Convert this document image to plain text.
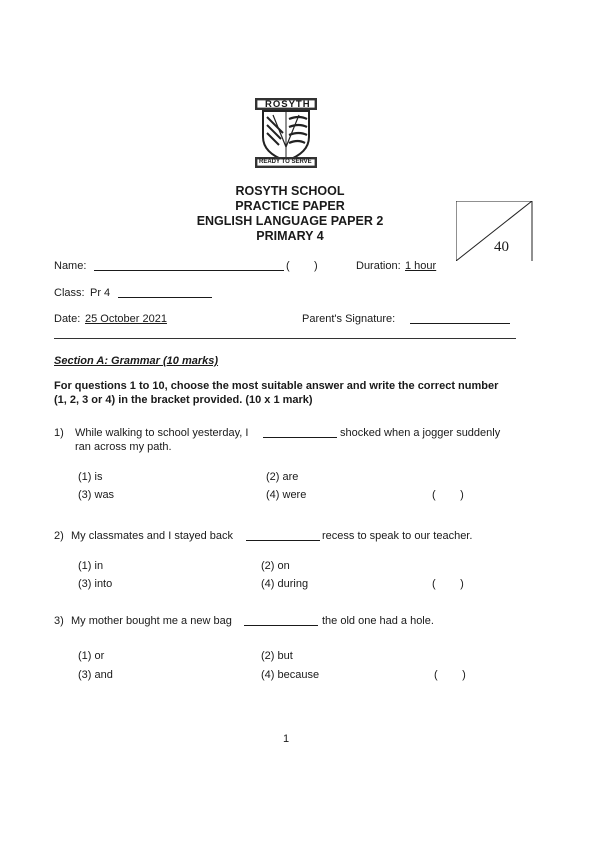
ROSYTH
READY TO SERVE
ROSYTH SCHOOL
PRACTICE PAPER
ENGLISH LANGUAGE PAPER 2
PRIMARY 4
40
Name:	( )	Duration: 1 hour
Class: Pr 4
Date: 25 October 2021	Parent's Signature:
Section A: Grammar (10 marks)
For questions 1 to 10, choose the most suitable answer and write the correct number
(1, 2, 3 or 4) in the bracket provided. (10 x 1 mark)
1) While walking to school yesterday, I	shocked when a jogger suddenly
ran across my path.
(1) is	(2) are
(3) was	(4) were	(        )
2) My classmates and I stayed back	recess to speak to our teacher.
(1) in	(2) on
(3) into	(4) during	(        )
3) My mother bought me a new bag	the old one had a hole.
(1) or	(2) but
(3) and	(4) because	(        )
1
